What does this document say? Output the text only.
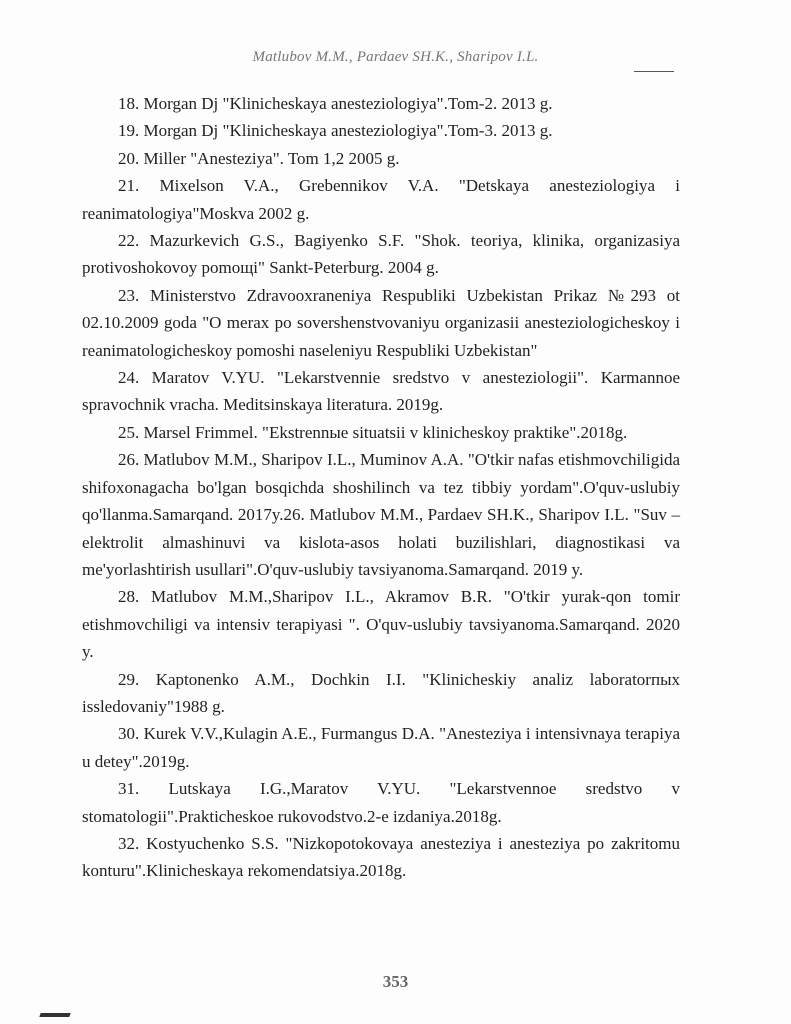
Matlubov M.M., Pardaev SH.K., Sharipov I.L.

18. Morgan Dj "Klinicheskaya anesteziologiya".Tom-2. 2013 g.

19. Morgan Dj "Klinicheskaya anesteziologiya".Tom-3. 2013 g.

20. Miller "Anesteziya". Tom 1,2 2005 g.

21. Mixelson V.A., Grebennikov V.A. "Detskaya anesteziologiya i reanimatologiya"Moskva 2002 g.

22. Mazurkevich G.S., Bagiyenko S.F. "Shok. teoriya, klinika, organizasiya protivoshokovoy pomoщi" Sankt-Peterburg. 2004 g.

23. Ministerstvo Zdravooxraneniya Respubliki Uzbekistan Prikaz №293 ot 02.10.2009 goda "O merax po sovershenstvovaniyu organizasii anesteziologicheskoy i reanimatologicheskoy pomoshi naseleniyu Respubliki Uzbekistan"

24. Maratov V.YU. "Lekarstvennie sredstvo v anesteziologii". Karmannoe spravochnik vracha. Meditsinskaya literatura. 2019g.

25. Marsel Frimmel. "Ekstrennыe situatsii v klinicheskoy praktike".2018g.

26. Matlubov M.M., Sharipov I.L., Muminov A.A. "O'tkir nafas etishmovchiligida shifoxonagacha bo'lgan bosqichda shoshilinch va tez tibbiy yordam".O'quv-uslubiy qo'llanma.Samarqand. 2017y.26. Matlubov M.M., Pardaev SH.K., Sharipov I.L. "Suv – elektrolit almashinuvi va kislota-asos holati buzilishlari, diagnostikasi va me'yorlashtirish usullari".O'quv-uslubiy tavsiyanoma.Samarqand. 2019 y.

28. Matlubov M.M.,Sharipov I.L., Akramov B.R. "O'tkir yurak-qon tomir etishmovchiligi va intensiv terapiyasi ". O'quv-uslubiy tavsiyanoma.Samarqand. 2020 y.

29. Kaptonenko A.M., Dochkin I.I. "Klinicheskiy analiz laboratorпых issledovaniy"1988 g.

30. Kurek V.V.,Kulagin A.E., Furmangus D.A. "Anesteziya i intensivnaya terapiya u detey".2019g.

31. Lutskaya I.G.,Maratov V.YU. "Lekarstvennoe sredstvo v stomatologii".Prakticheskoe rukovodstvo.2-e izdaniya.2018g.

32. Kostyuchenko S.S. "Nizkopotokovaya anesteziya i anesteziya po zakritomu konturu".Klinicheskaya rekomendatsiya.2018g.

353
